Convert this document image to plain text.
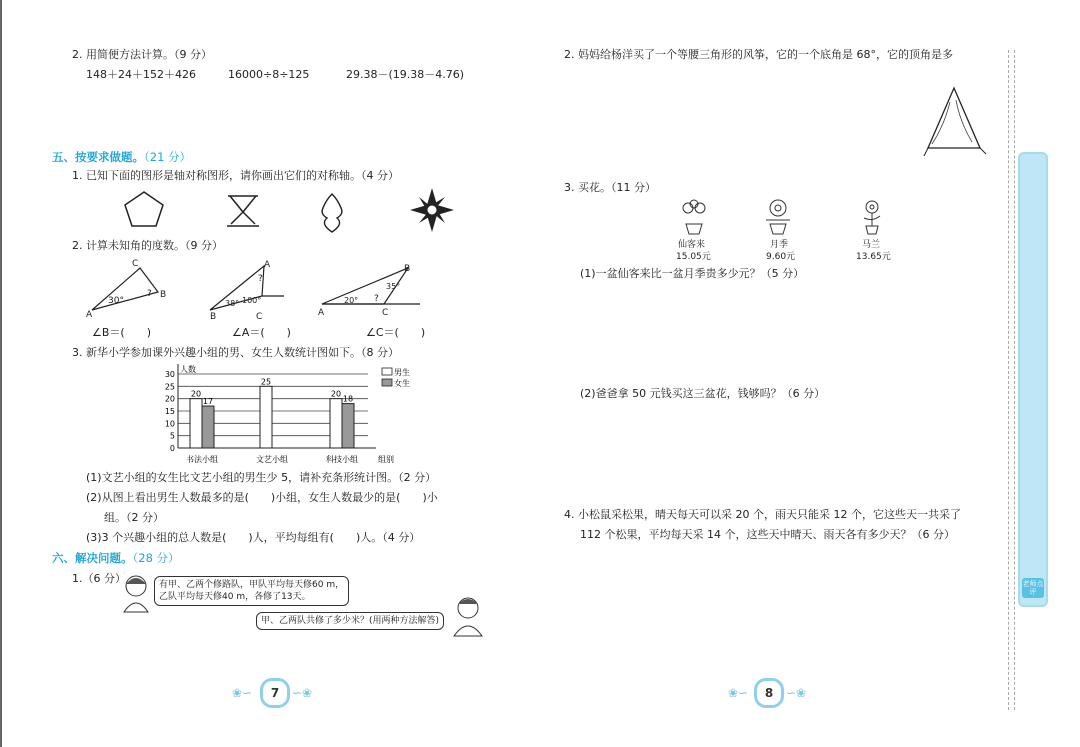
2. 用简便方法计算。（9 分）
148＋24＋152＋426	16000÷8÷125	29.38－(19.38－4.76)
五、按要求做题。（21 分）
1. 已知下面的图形是轴对称图形，请你画出它们的对称轴。（4 分）
2. 计算未知角的度数。（9 分）
A
C
B
30°
?
B
A
C
38° 100°
?
A
B
C
20°
35°
?
∠B＝(　　)	∠A＝(　　)	∠C＝(　　)
3. 新华小学参加课外兴趣小组的男、女生人数统计图如下。（8 分）
0
5
10
15
20
25
30
人数
组别
20
17
书法小组
25
文艺小组
20
18
科技小组
男生
女生
(1)文艺小组的女生比文艺小组的男生少 5，请补充条形统计图。（2 分）
(2)从图上看出男生人数最多的是(　　)小组，女生人数最少的是(　　)小
组。（2 分）
(3)3 个兴趣小组的总人数是(　　)人，平均每组有(　　)人。（4 分）
六、解决问题。（28 分）
1.（6 分）	有甲、乙两个修路队，甲队平均每天修60 m，
乙队平均每天修40 m，各修了13天。
甲、乙两队共修了多少米？(用两种方法解答)
❀∽	7	∽❀
2. 妈妈给杨洋买了一个等腰三角形的风筝，它的一个底角是 68°，它的顶角是多
3. 买花。（11 分）
仙客来
15.05元
月季
9.60元
马兰
13.65元
(1)一盆仙客来比一盆月季贵多少元？（5 分）
(2)爸爸拿 50 元钱买这三盆花，钱够吗？（6 分）
4. 小松鼠采松果，晴天每天可以采 20 个，雨天只能采 12 个，它这些天一共采了
112 个松果，平均每天采 14 个，这些天中晴天、雨天各有多少天？（6 分）
❀∽	8	∽❀
老师点评
